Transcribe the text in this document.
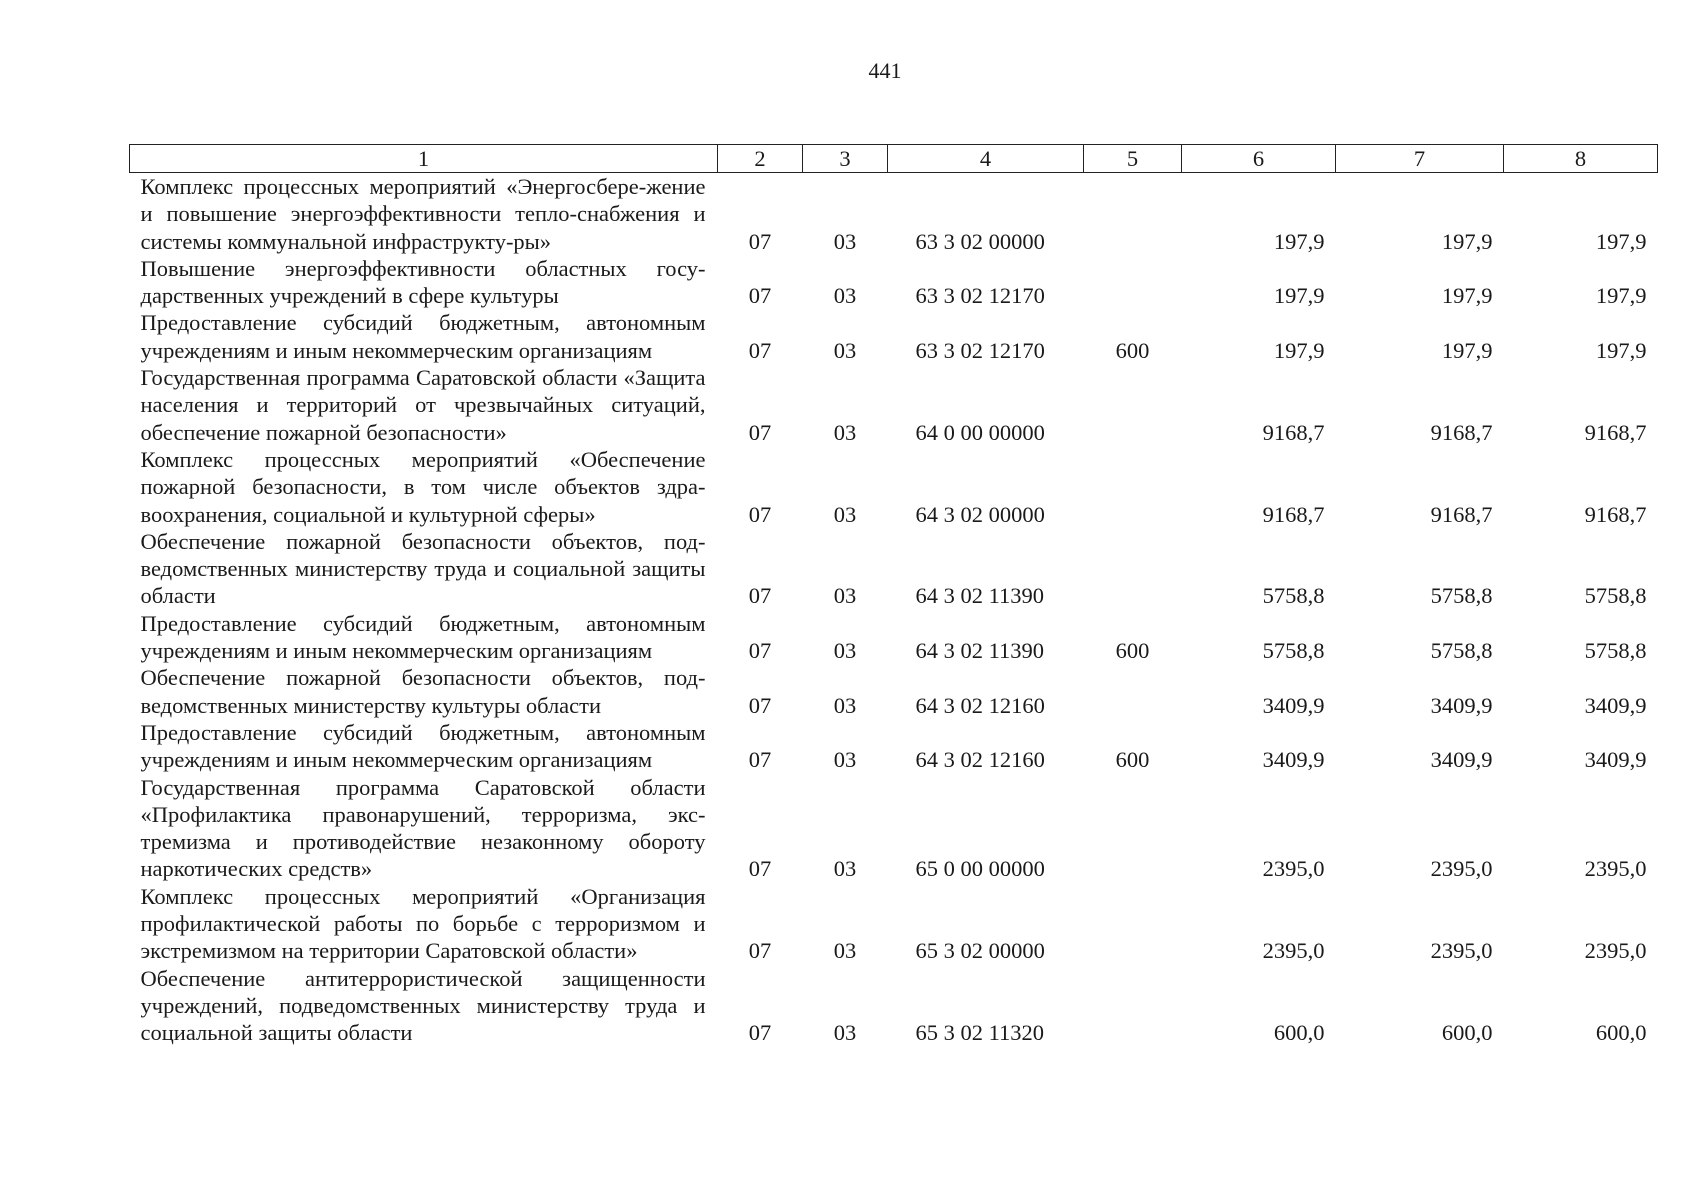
441
1	2	3	4	5	6	7	8
Комплекс процессных мероприятий «Энергосбере-жение и повышение энергоэффективности тепло-снабжения и системы коммунальной инфраструкту-ры»	07	03	63 3 02 00000		197,9	197,9	197,9
Повышение энергоэффективности областных госу-дарственных учреждений в сфере культуры	07	03	63 3 02 12170		197,9	197,9	197,9
Предоставление субсидий бюджетным, автономным учреждениям и иным некоммерческим организациям	07	03	63 3 02 12170	600	197,9	197,9	197,9
Государственная программа Саратовской области «Защита населения и территорий от чрезвычайных ситуаций, обеспечение пожарной безопасности»	07	03	64 0 00 00000		9168,7	9168,7	9168,7
Комплекс процессных мероприятий «Обеспечение пожарной безопасности, в том числе объектов здра-воохранения, социальной и культурной сферы»	07	03	64 3 02 00000		9168,7	9168,7	9168,7
Обеспечение пожарной безопасности объектов, под-ведомственных министерству труда и социальной защиты области	07	03	64 3 02 11390		5758,8	5758,8	5758,8
Предоставление субсидий бюджетным, автономным учреждениям и иным некоммерческим организациям	07	03	64 3 02 11390	600	5758,8	5758,8	5758,8
Обеспечение пожарной безопасности объектов, под-ведомственных министерству культуры области	07	03	64 3 02 12160		3409,9	3409,9	3409,9
Предоставление субсидий бюджетным, автономным учреждениям и иным некоммерческим организациям	07	03	64 3 02 12160	600	3409,9	3409,9	3409,9
Государственная программа Саратовской области «Профилактика правонарушений, терроризма, экс-тремизма и противодействие незаконному обороту наркотических средств»	07	03	65 0 00 00000		2395,0	2395,0	2395,0
Комплекс процессных мероприятий «Организация профилактической работы по борьбе с терроризмом и экстремизмом на территории Саратовской области»	07	03	65 3 02 00000		2395,0	2395,0	2395,0
Обеспечение антитеррористической защищенности учреждений, подведомственных министерству труда и социальной защиты области	07	03	65 3 02 11320		600,0	600,0	600,0
